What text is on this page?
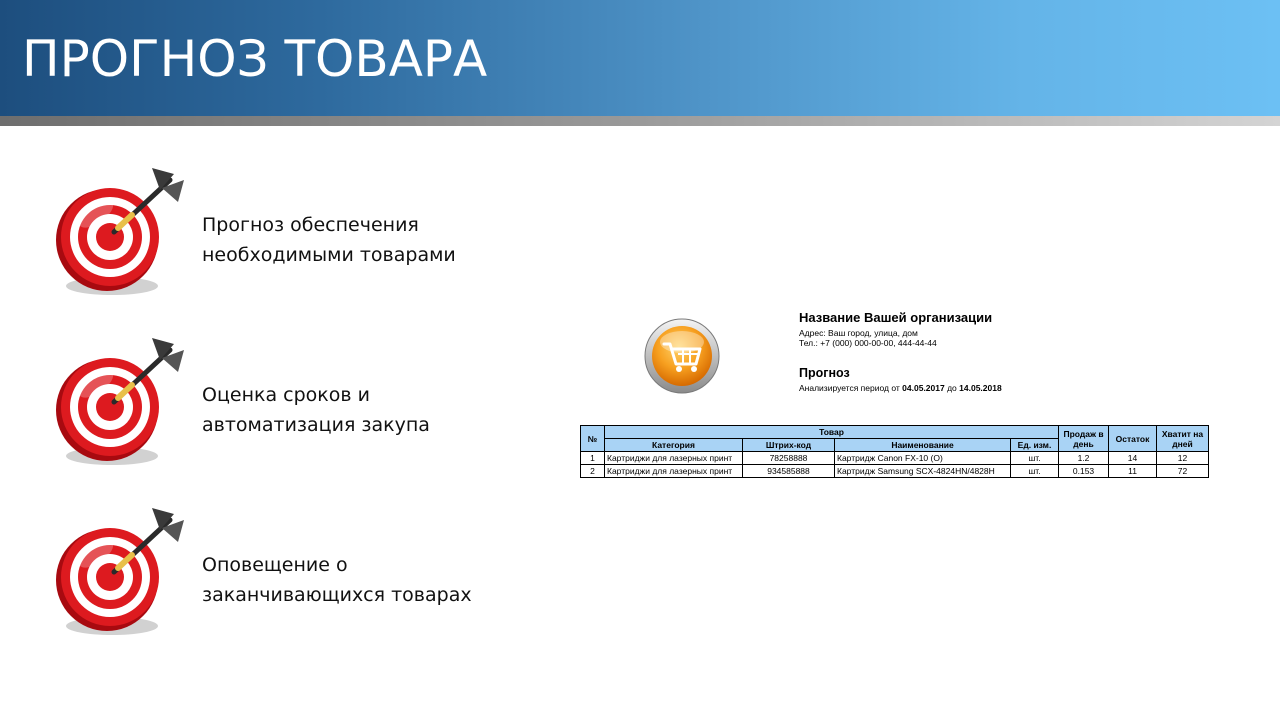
ПРОГНОЗ ТОВАРА
Прогноз обеспечения
необходимыми товарами
Оценка сроков и
автоматизация закупа
Оповещение о
заканчивающихся товарах
Название Вашей организации
Адрес: Ваш город, улица, дом
Тел.: +7 (000) 000-00-00, 444-44-44
Прогноз
Анализируется период от 04.05.2017 до 14.05.2018
№	Товар				Продаж в день	Остаток	Хватит на дней
	Категория	Штрих-код	Наименование	Ед. изм.			
1	Картриджи для лазерных принт	78258888	Картридж Canon FX-10 (O)	шт.	1.2	14	12
2	Картриджи для лазерных принт	934585888	Картридж Samsung SCX-4824HN/4828H	шт.	0.153	11	72
